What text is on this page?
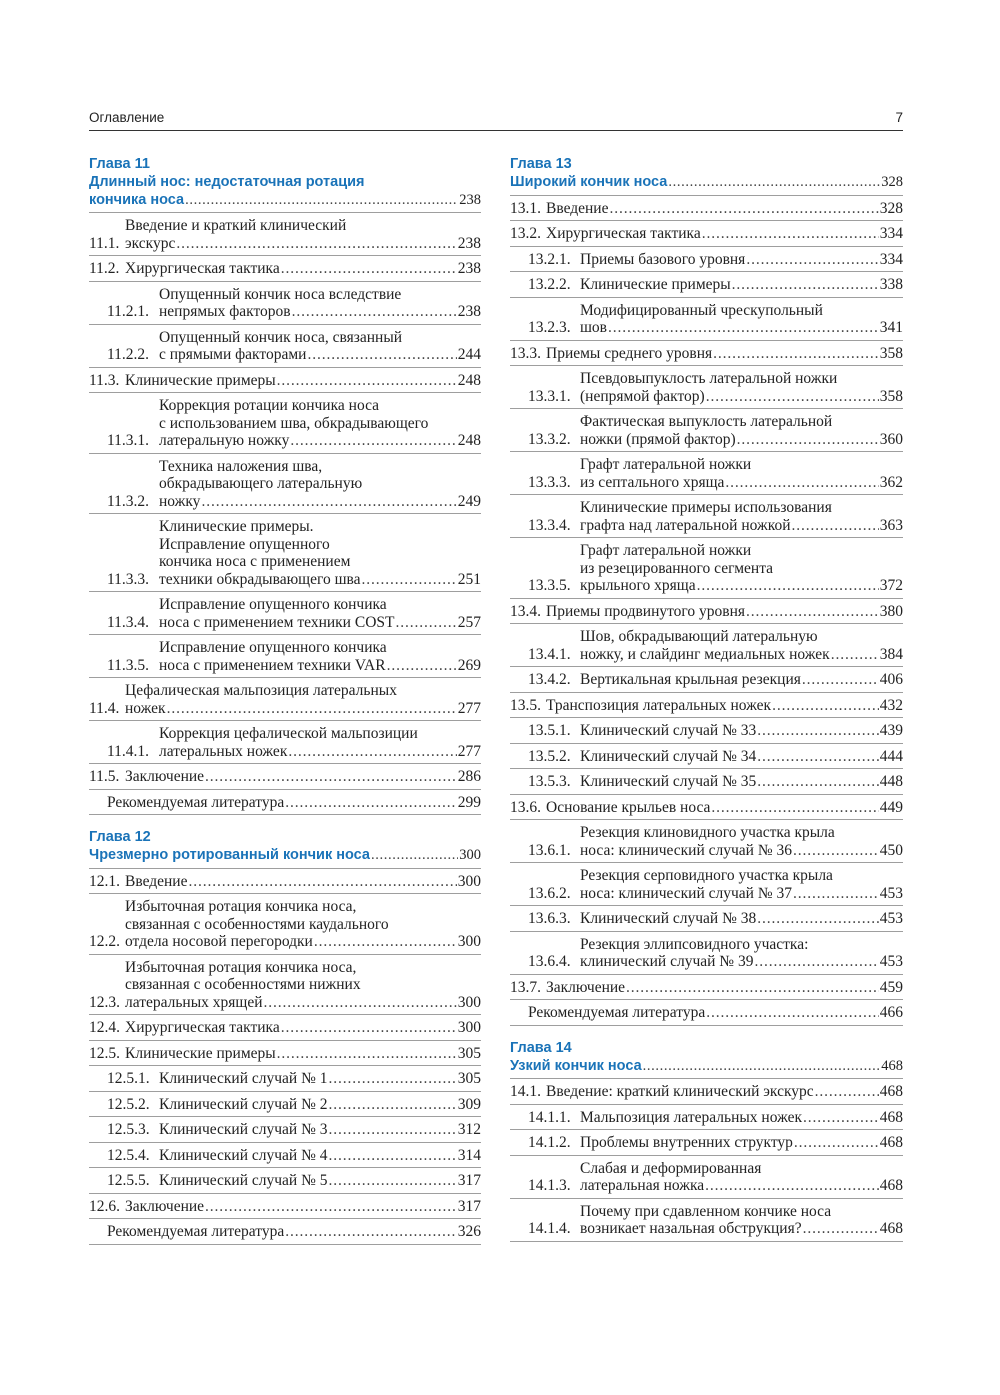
Оглавление	7
Глава 11
Длинный нос: недостаточная ротация
кончика носа . . .	238
11.1.
Введение и краткий клинический
экскурс . . .	238
11.2. Хирургическая тактика . . .	238
11.2.1.
Опущенный кончик носа вследствие
непрямых факторов . . .	238
11.2.2.
Опущенный кончик носа, связанный
с прямыми факторами . . .	244
11.3. Клинические примеры . . .	248
11.3.1.
Коррекция ротации кончика носа
с использованием шва, обкрадывающего
латеральную ножку . . .	248
11.3.2.
Техника наложения шва,
обкрадывающего латеральную
ножку . . .	249
11.3.3.
Клинические примеры.
Исправление опущенного
кончика носа с применением
техники обкрадывающего шва . . .	251
11.3.4.
Исправление опущенного кончика
носа с применением техники COST . . .	257
11.3.5.
Исправление опущенного кончика
носа с применением техники VAR . . .	269
11.4.
Цефалическая мальпозиция латеральных
ножек . . .	277
11.4.1.
Коррекция цефалической мальпозиции
латеральных ножек . . .	277
11.5. Заключение . . .	286
Рекомендуемая литература . . .	299
Глава 12
Чрезмерно ротированный кончик носа . . .	300
12.1. Введение . . .	300
12.2.
Избыточная ротация кончика носа,
связанная с особенностями каудального
отдела носовой перегородки . . .	300
12.3.
Избыточная ротация кончика носа,
связанная с особенностями нижних
латеральных хрящей . . .	300
12.4. Хирургическая тактика . . .	300
12.5. Клинические примеры . . .	305
12.5.1. Клинический случай № 1 . . .	305
12.5.2. Клинический случай № 2 . . .	309
12.5.3. Клинический случай № 3 . . .	312
12.5.4. Клинический случай № 4 . . .	314
12.5.5. Клинический случай № 5 . . .	317
12.6. Заключение . . .	317
Рекомендуемая литература . . .	326
Глава 13
Широкий кончик носа . . .	328
13.1. Введение . . .	328
13.2. Хирургическая тактика . . .	334
13.2.1. Приемы базового уровня . . .	334
13.2.2. Клинические примеры . . .	338
13.2.3.
Модифицированный чрескупольный
шов . . .	341
13.3. Приемы среднего уровня . . .	358
13.3.1.
Псевдовыпуклость латеральной ножки
(непрямой фактор) . . .	358
13.3.2.
Фактическая выпуклость латеральной
ножки (прямой фактор) . . .	360
13.3.3.
Графт латеральной ножки
из септального хряща . . .	362
13.3.4.
Клинические примеры использования
графта над латеральной ножкой . . .	363
13.3.5.
Графт латеральной ножки
из резецированного сегмента
крыльного хряща . . .	372
13.4. Приемы продвинутого уровня . . .	380
13.4.1.
Шов, обкрадывающий латеральную
ножку, и слайдинг медиальных ножек . . .	384
13.4.2. Вертикальная крыльная резекция . . .	406
13.5. Транспозиция латеральных ножек . . .	432
13.5.1. Клинический случай № 33 . . .	439
13.5.2. Клинический случай № 34 . . .	444
13.5.3. Клинический случай № 35 . . .	448
13.6. Основание крыльев носа . . .	449
13.6.1.
Резекция клиновидного участка крыла
носа: клинический случай № 36 . . .	450
13.6.2.
Резекция серповидного участка крыла
носа: клинический случай № 37 . . .	453
13.6.3. Клинический случай № 38 . . .	453
13.6.4.
Резекция эллипсовидного участка:
клинический случай № 39 . . .	453
13.7. Заключение . . .	459
Рекомендуемая литература . . .	466
Глава 14
Узкий кончик носа . . .	468
14.1. Введение: краткий клинический экскурс . . .	468
14.1.1. Мальпозиция латеральных ножек . . .	468
14.1.2. Проблемы внутренних структур . . .	468
14.1.3.
Слабая и деформированная
латеральная ножка . . .	468
14.1.4.
Почему при сдавленном кончике носа
возникает назальная обструкция? . . .	468
